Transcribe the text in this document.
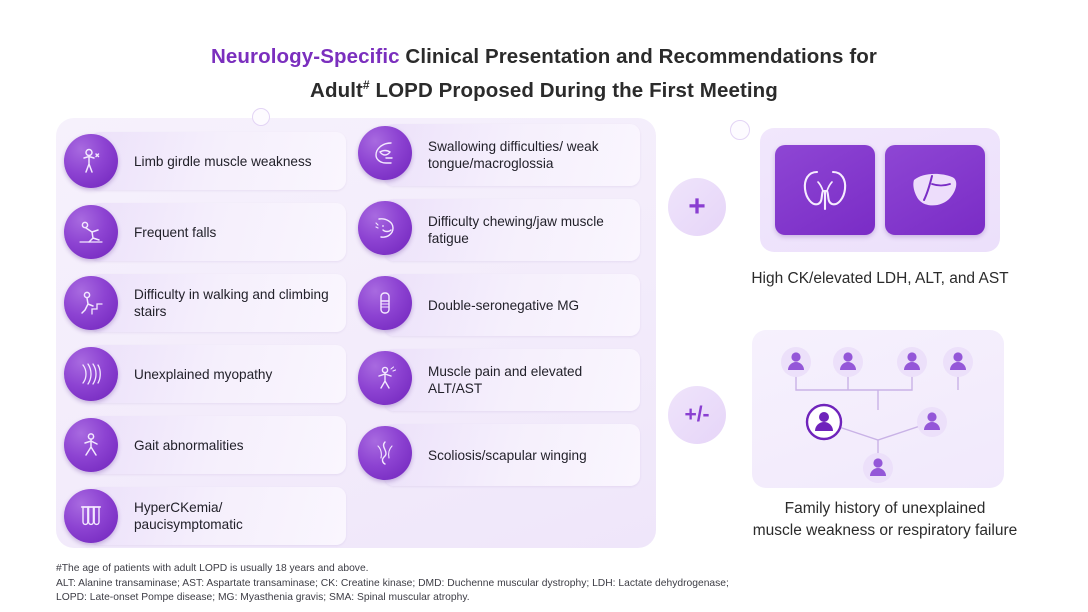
Neurology-Specific Clinical Presentation and Recommendations for
Adult# LOPD Proposed During the First Meeting
Limb girdle muscle weakness
Frequent falls
Difficulty in walking and climbing stairs
Unexplained myopathy
Gait abnormalities
HyperCKemia/ paucisymptomatic
Swallowing difficulties/ weak tongue/macroglossia
Difficulty chewing/jaw muscle fatigue
Double-seronegative MG
Muscle pain and elevated ALT/AST
Scoliosis/scapular winging
+
+/-
High CK/elevated LDH, ALT, and AST
Family history of unexplained
muscle weakness or respiratory failure
#The age of patients with adult LOPD is usually 18 years and above.
ALT: Alanine transaminase; AST: Aspartate transaminase; CK: Creatine kinase; DMD: Duchenne muscular dystrophy; LDH: Lactate dehydrogenase;
LOPD: Late-onset Pompe disease; MG: Myasthenia gravis; SMA: Spinal muscular atrophy.
